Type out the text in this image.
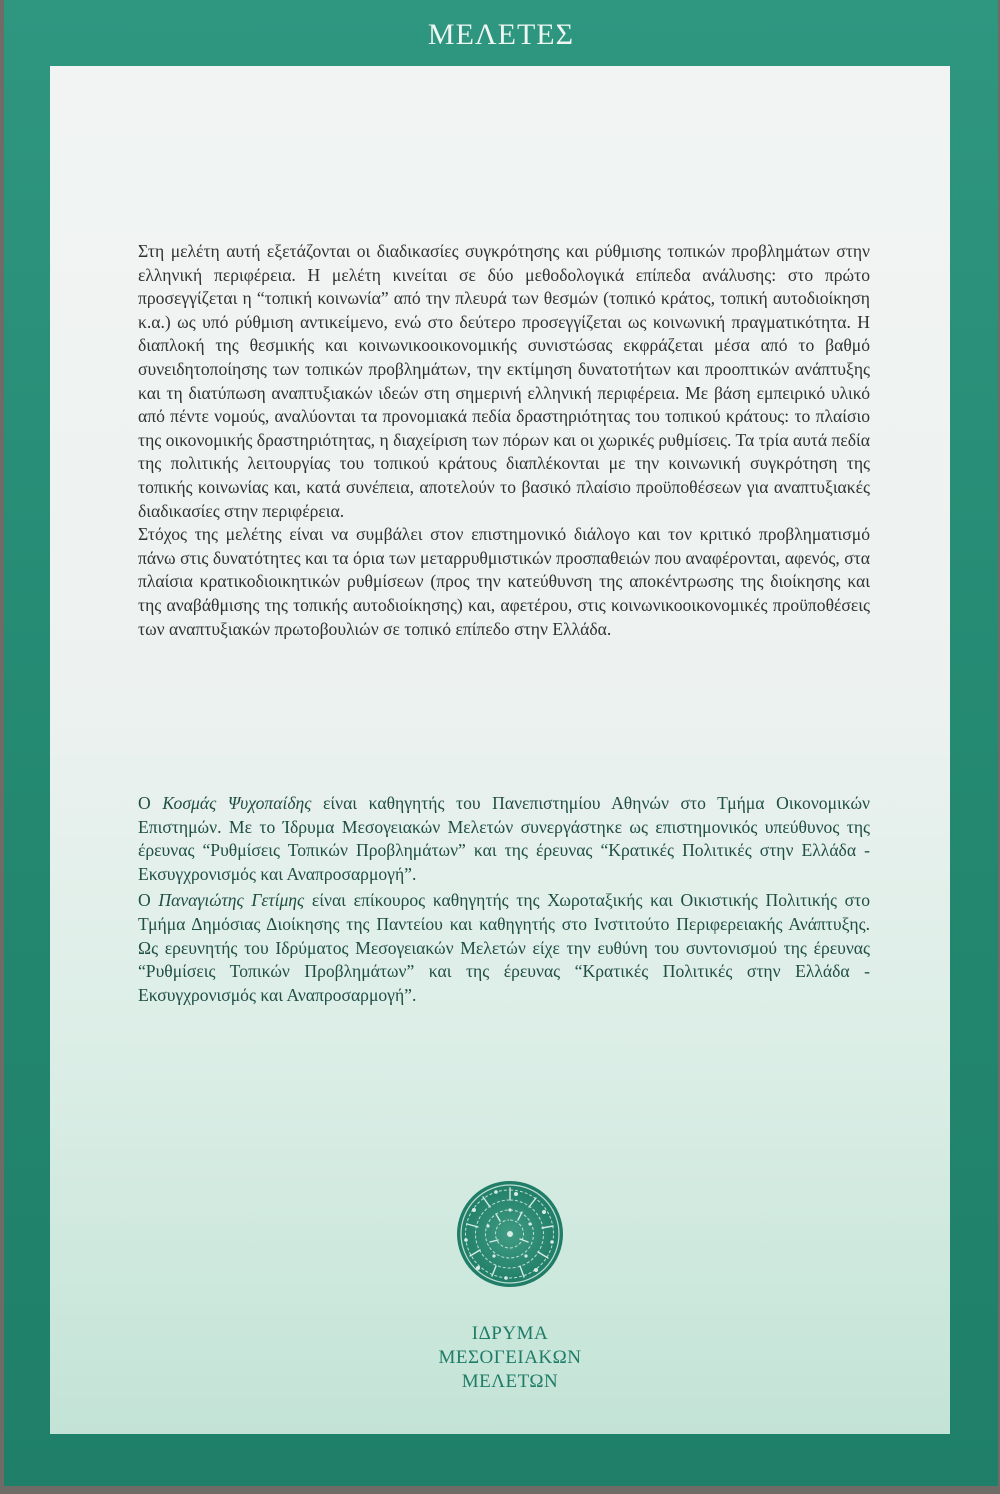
ΜΕΛΕΤΕΣ

Στη μελέτη αυτή εξετάζονται οι διαδικασίες συγκρότησης και ρύθμισης τοπικών προβλημάτων στην ελληνική περιφέρεια. Η μελέτη κινείται σε δύο μεθοδολογικά επίπεδα ανάλυσης: στο πρώτο προσεγγίζεται η “τοπική κοινωνία” από την πλευρά των θεσμών (τοπικό κράτος, τοπική αυτοδιοίκηση κ.α.) ως υπό ρύθμιση αντικείμενο, ενώ στο δεύτερο προσεγγίζεται ως κοινωνική πραγματικότητα. Η διαπλοκή της θεσμικής και κοινωνικοοικονομικής συνιστώσας εκφράζεται μέσα από το βαθμό συνειδητοποίησης των τοπικών προβλημάτων, την εκτίμηση δυνατοτήτων και προοπτικών ανάπτυξης και τη διατύπωση αναπτυξιακών ιδεών στη σημερινή ελληνική περιφέρεια. Με βάση εμπειρικό υλικό από πέντε νομούς, αναλύονται τα προνομιακά πεδία δραστηριότητας του τοπικού κράτους: το πλαίσιο της οικονομικής δραστηριότητας, η διαχείριση των πόρων και οι χωρικές ρυθμίσεις. Τα τρία αυτά πεδία της πολιτικής λειτουργίας του τοπικού κράτους διαπλέκονται με την κοινωνική συγκρότηση της τοπικής κοινωνίας και, κατά συνέπεια, αποτελούν το βασικό πλαίσιο προϋποθέσεων για αναπτυξιακές διαδικασίες στην περιφέρεια.

Στόχος της μελέτης είναι να συμβάλει στον επιστημονικό διάλογο και τον κριτικό προβληματισμό πάνω στις δυνατότητες και τα όρια των μεταρρυθμιστικών προσπαθειών που αναφέρονται, αφενός, στα πλαίσια κρατικοδιοικητικών ρυθμίσεων (προς την κατεύθυνση της αποκέντρωσης της διοίκησης και της αναβάθμισης της τοπικής αυτοδιοίκησης) και, αφετέρου, στις κοινωνικοοικονομικές προϋποθέσεις των αναπτυξιακών πρωτοβουλιών σε τοπικό επίπεδο στην Ελλάδα.

Ο Κοσμάς Ψυχοπαίδης είναι καθηγητής του Πανεπιστημίου Αθηνών στο Τμήμα Οικονομικών Επιστημών. Με το Ίδρυμα Μεσογειακών Μελετών συνεργάστηκε ως επιστημονικός υπεύθυνος της έρευνας “Ρυθμίσεις Τοπικών Προβλημάτων” και της έρευνας “Κρατικές Πολιτικές στην Ελλάδα - Εκσυγχρονισμός και Αναπροσαρμογή”.

Ο Παναγιώτης Γετίμης είναι επίκουρος καθηγητής της Χωροταξικής και Οικιστικής Πολιτικής στο Τμήμα Δημόσιας Διοίκησης της Παντείου και καθηγητής στο Ινστιτούτο Περιφερειακής Ανάπτυξης. Ως ερευνητής του Ιδρύματος Μεσογειακών Μελετών είχε την ευθύνη του συντονισμού της έρευνας “Ρυθμίσεις Τοπικών Προβλημάτων” και της έρευνας “Κρατικές Πολιτικές στην Ελλάδα - Εκσυγχρονισμός και Αναπροσαρμογή”.

ΙΔΡΥΜΑ
ΜΕΣΟΓΕΙΑΚΩΝ
ΜΕΛΕΤΩΝ
